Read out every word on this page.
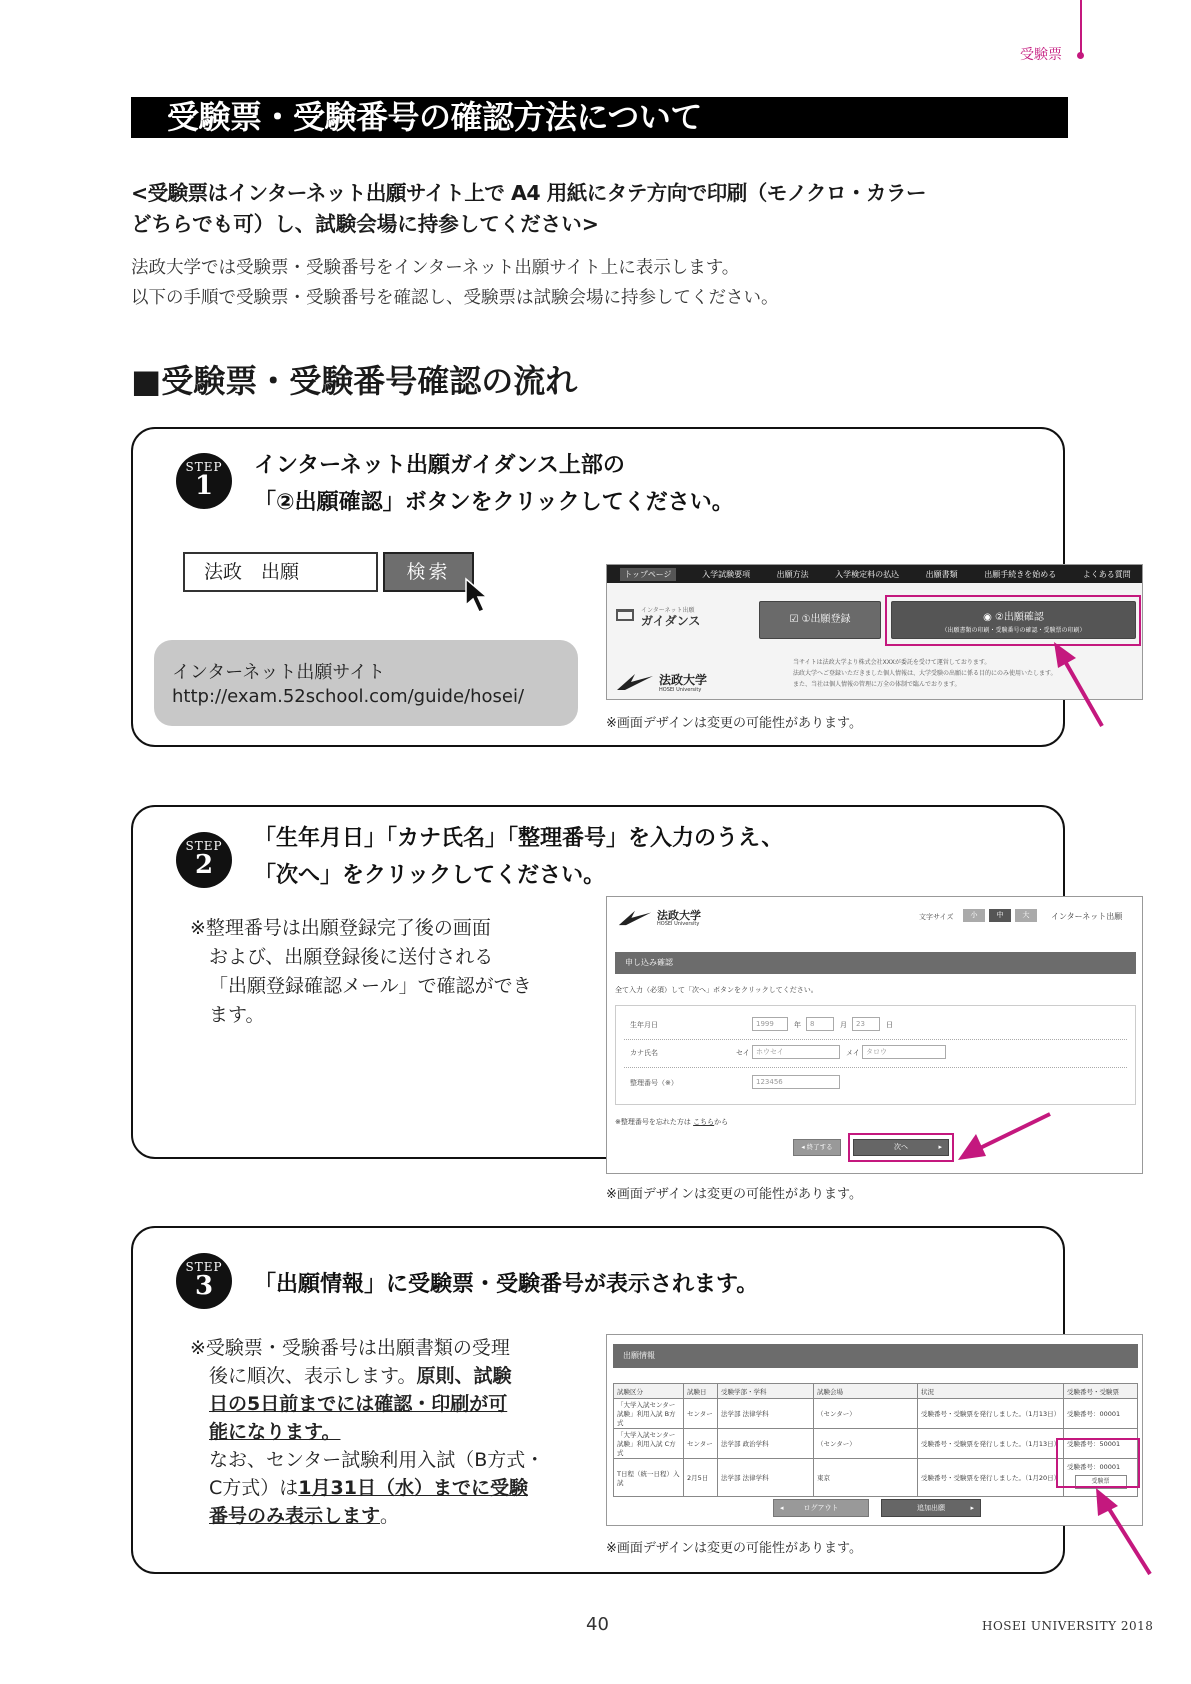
受験票
受験票・受験番号の確認方法について
<受験票はインターネット出願サイト上で A4 用紙にタテ方向で印刷（モノクロ・カラー
どちらでも可）し、試験会場に持参してください>
法政大学では受験票・受験番号をインターネット出願サイト上に表示します。
以下の手順で受験票・受験番号を確認し、受験票は試験会場に持参してください。
■受験票・受験番号確認の流れ
STEP
1
インターネット出願ガイダンス上部の
「②出願確認」ボタンをクリックしてください。
法政　出願	検索
インターネット出願サイト
http://exam.52school.com/guide/hosei/
トップページ	入学試験要項	出願方法	入学検定料の払込	出願書類	出願手続きを始める	よくある質問
インターネット出願
ガイダンス	☑ ①出願登録	◉ ②出願確認
（出願書類の印刷・受験番号の確認・受験票の印刷）
当サイトは法政大学より株式会社XXXが委託を受けて運営しております。
法政大学へご登録いただきました個人情報は、大学受験の出願に係る目的にのみ使用いたします。
また、当社は個人情報の管理に万全の体制で臨んでおります。
法政大学
HOSEI University
※画面デザインは変更の可能性があります。
STEP
2
「生年月日」「カナ氏名」「整理番号」を入力のうえ、
「次へ」をクリックしてください。
※整理番号は出願登録完了後の画面
および、出願登録後に送付される
「出願登録確認メール」で確認ができ
ます。
法政大学
HOSEI University
文字サイズ	小	中	大	インターネット出願
申し込み確認
全て入力（必須）して「次へ」ボタンをクリックしてください。
生年月日	1999	年	8	月	23	日
カナ氏名	セイ ホウセイ	メイ タロウ
整理番号（※）	123456
※整理番号を忘れた方は こちらから
◂ 終了する	次へ	▸
※画面デザインは変更の可能性があります。
STEP
3	「出願情報」に受験票・受験番号が表示されます。
※受験票・受験番号は出願書類の受理
後に順次、表示します。原則、試験
日の5日前までには確認・印刷が可
能になります。
なお、センター試験利用入試（B方式・
C方式）は1月31日（水）までに受験
番号のみ表示します。
出願情報
試験区分	試験日	受験学部・学科	試験会場	状況	受験番号・受験票
「大学入試センター試験」利用入試 B方式	センター	法学部 法律学科	（センター）	受験番号・受験票を発行しました。（1月13日）	受験番号：00001
「大学入試センター試験」利用入試 C方式	センター	法学部 政治学科	（センター）	受験番号・受験票を発行しました。（1月13日）	受験番号：50001
T日程（統一日程）入試	2月5日	法学部 法律学科	東京	受験番号・受験票を発行しました。（1月20日）	受験番号：00001
受験票
◂	ログアウト	追加出願	▸
※画面デザインは変更の可能性があります。
40	HOSEI UNIVERSITY 2018
